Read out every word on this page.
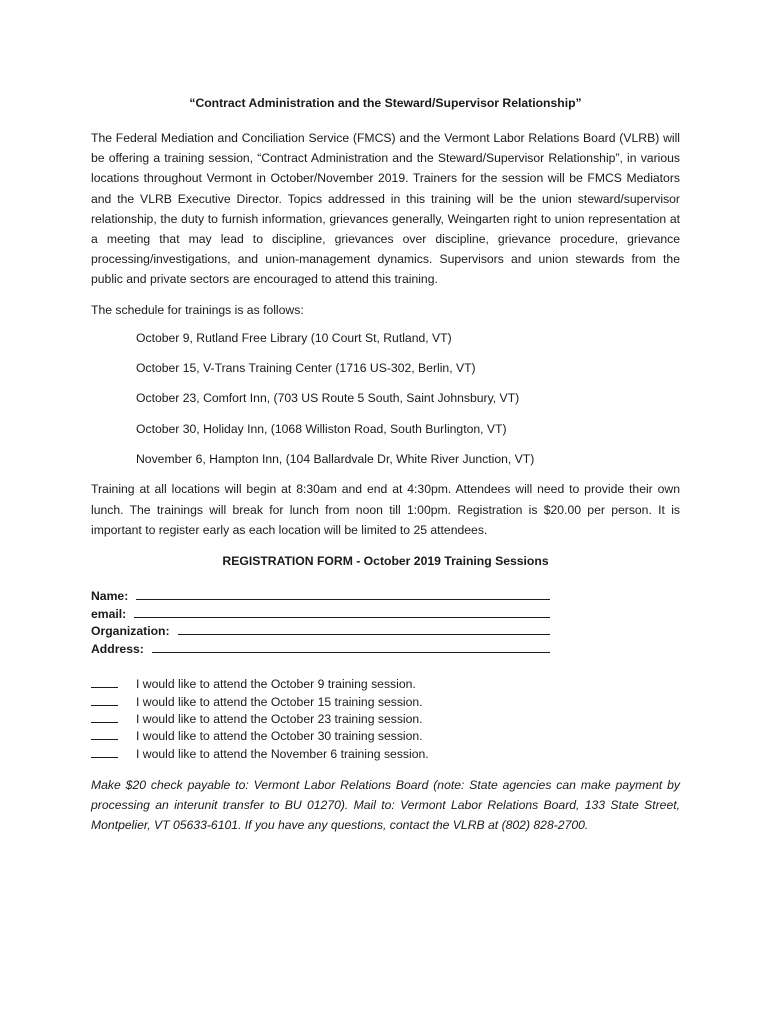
“Contract Administration and the Steward/Supervisor Relationship”

The Federal Mediation and Conciliation Service (FMCS) and the Vermont Labor Relations Board (VLRB) will be offering a training session, “Contract Administration and the Steward/Supervisor Relationship”, in various locations throughout Vermont in October/November 2019. Trainers for the session will be FMCS Mediators and the VLRB Executive Director. Topics addressed in this training will be the union steward/supervisor relationship, the duty to furnish information, grievances generally, Weingarten right to union representation at a meeting that may lead to discipline, grievances over discipline, grievance procedure, grievance processing/investigations, and union-management dynamics. Supervisors and union stewards from the public and private sectors are encouraged to attend this training.

The schedule for trainings is as follows:

October 9, Rutland Free Library (10 Court St, Rutland, VT)
October 15, V-Trans Training Center (1716 US-302, Berlin, VT)
October 23, Comfort Inn, (703 US Route 5 South, Saint Johnsbury, VT)
October 30, Holiday Inn, (1068 Williston Road, South Burlington, VT)
November 6, Hampton Inn, (104 Ballardvale Dr, White River Junction, VT)

Training at all locations will begin at 8:30am and end at 4:30pm. Attendees will need to provide their own lunch. The trainings will break for lunch from noon till 1:00pm. Registration is $20.00 per person. It is important to register early as each location will be limited to 25 attendees.

REGISTRATION FORM - October 2019 Training Sessions

Name:
email:
Organization:
Address:
I would like to attend the October 9 training session.
I would like to attend the October 15 training session.
I would like to attend the October 23 training session.
I would like to attend the October 30 training session.
I would like to attend the November 6 training session.

Make $20 check payable to: Vermont Labor Relations Board (note: State agencies can make payment by processing an interunit transfer to BU 01270). Mail to: Vermont Labor Relations Board, 133 State Street, Montpelier, VT 05633-6101. If you have any questions, contact the VLRB at (802) 828-2700.
